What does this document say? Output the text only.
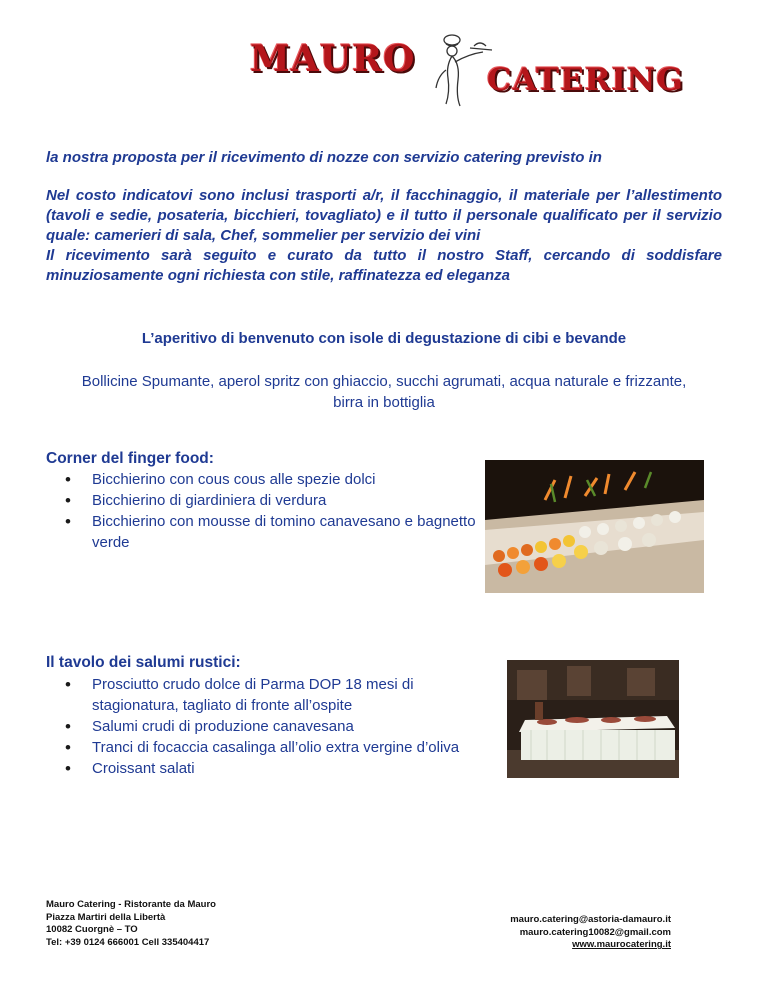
MAURO CATERING
la nostra proposta per il ricevimento di nozze con servizio catering previsto in
Nel costo indicatovi sono inclusi trasporti a/r, il facchinaggio, il materiale per l’allestimento (tavoli e sedie, posateria, bicchieri, tovagliato) e il tutto il personale qualificato per il servizio quale: camerieri di sala, Chef, sommelier per servizio dei vini
Il ricevimento sarà seguito e curato da tutto il nostro Staff, cercando di soddisfare minuziosamente ogni richiesta con stile, raffinatezza ed eleganza
L’aperitivo di benvenuto con isole di degustazione di cibi e bevande
Bollicine Spumante, aperol spritz con ghiaccio, succhi agrumati, acqua naturale e frizzante,
birra in bottiglia
Corner del finger food:
• Bicchierino con cous cous alle spezie dolci
• Bicchierino di giardiniera di verdura
• Bicchierino con mousse di tomino canavesano e bagnetto verde
Il tavolo dei salumi rustici:
• Prosciutto crudo dolce di Parma DOP 18 mesi di stagionatura, tagliato di fronte all’ospite
• Salumi crudi di produzione canavesana
• Tranci di focaccia casalinga all’olio extra vergine d’oliva
• Croissant salati
Mauro Catering - Ristorante da Mauro
Piazza Martiri della Libertà
10082 Cuorgnè – TO
Tel: +39 0124 666001 Cell 335404417
mauro.catering@astoria-damauro.it
mauro.catering10082@gmail.com
www.maurocatering.it
